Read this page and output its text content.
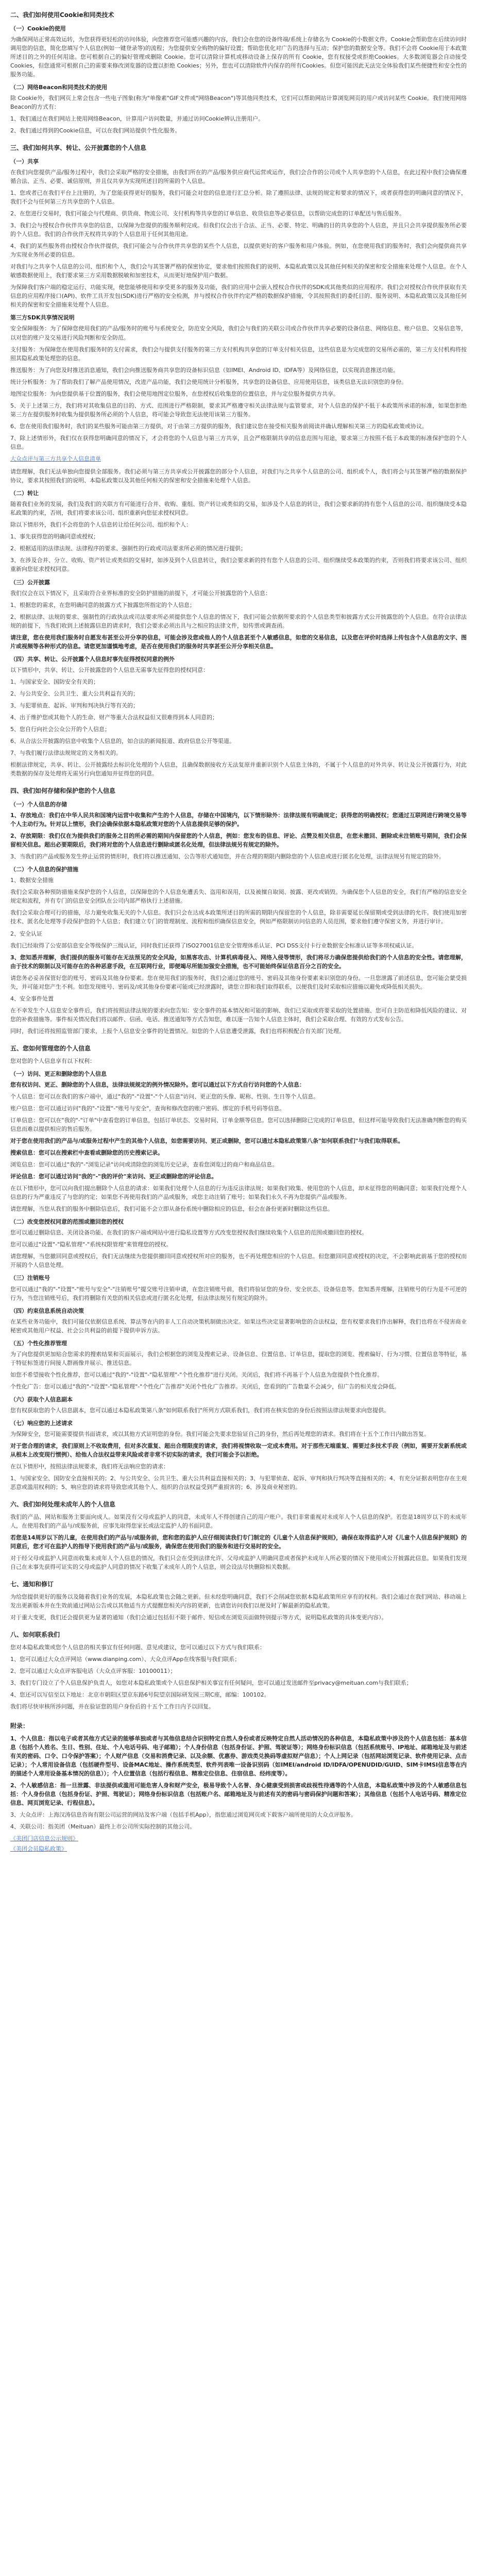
二、我们如何使用Cookie和同类技术
（一）Cookie的使用
为确保网站正常高效运转，为您获得更轻松的访问体验，向您推荐您可能感兴趣的内容，我们会在您的设备终端/系统上存储名为 Cookie的小数据文件。Cookie会帮助您在后续访问时调用您的信息，简化您填写个人信息(例如一键登录等)的流程；为您提供安全购物的偏好设置；帮助您优化对广告的选择与互动；保护您的数据安全等。我们不会将 Cookie用于本政策所述目的之外的任何用途。您可根据自己的偏好管理或删除 Cookie。您可以清除计算机或移动设备上保存的所有 Cookie，您有权接受或拒绝Cookies。大多数浏览器会自动接受Cookies，但您通常可根据自己的需要来修改浏览器的设置以拒绝 Cookies；另外，您也可以清除软件内保存的所有Cookies。但您可能因此无法完全体验我们某些便捷性和安全性的服务功能。
（二）网络Beacon和同类技术的使用
除 Cookie外，我们网页上常会包含一些电子图象(称为"单像素"GIF文件或"网络Beacon")等其他同类技术，它们可以帮助网站计算浏览网页的用户或访问某些 Cookie。我们使用网络Beacon的方式有：
1、我们通过在我们网站上使用网络Beacon，计算用户访问数量，并通过访问Cookie辨认注册用户。
2、我们通过得到的Cookie信息，可以在我们网站提供个性化服务。
三、我们如何共享、转让、公开披露您的个人信息
（一）共享
在我们向您提供产品/服务过程中，我们会采取严格的安全措施，由我们所在的产品/服务供应商代运营或运作，我们会合作的公司或个人共享您的个人信息，在此过程中我们会确保遵循合法、正当、必要、诚信原则，并且仅共享为实现所述目的所需的个人信息。
1、您或者已在我们平台上注册的，为了您能获得更好的服务，我们可能会对您的信息进行汇总分析。除了遵照法律、法规的规定和要求的情况下，或者获得您的明确同意的情况下，我们不会与任何第三方共享您的个人信息。
2、在您进行交易时，我们可能会与代理商、供货商、物流公司、支付机构等共享您的订单信息、收货信息等必要信息，以帮助完成您的订单配送与售后服务。
3、我们会与授权合作伙伴共享您的信息，以保障为您提供的服务顺利完成。但我们仅会出于合法、正当、必要、特定、明确的目的共享您的个人信息，并且只会共享提供服务所必要的个人信息。我们的合作伙伴无权将共享的个人信息用于任何其他用途。
4、我们的某些服务将由授权合作伙伴提供，我们可能会与合作伙伴共享您的某些个人信息，以提供更好的客户服务和用户体验。例如，在您使用我们的服务时，我们会向提供商共享为实现业务所必要的信息。
对我们与之共享个人信息的公司、组织和个人，我们会与其签署严格的保密协定，要求他们按照我们的说明、本隐私政策以及其他任何相关的保密和安全措施来处理个人信息。在个人敏感数据使用上，我们要求第三方采用数据脱敏和加密技术，从而更好地保护用户数据。
为保障我们客户端的稳定运行、功能实现，使您能够使用和享受更多的服务及功能，我们的应用中会嵌入授权合作伙伴的SDK或其他类似的应用程序。我们会对授权合作伙伴获取有关信息的应用程序接口(API)、软件工具开发包(SDK)进行严格的安全检测，并与授权合作伙伴约定严格的数据保护措施，令其按照我们的委托目的、服务说明、本隐私政策以及其他任何相关的保密和安全措施来处理个人信息。
第三方SDK共享情况说明
安全保障服务：为了保障您使用我们的产品/服务时的账号与系统安全，防范安全风险，我们会与我们的关联公司或合作伙伴共享必要的设备信息、网络信息、账户信息、交易信息等，以对您的账户及交易进行风险判断和安全防范。
支付服务：为保障您在使用我们服务时的支付需求，我们会与提供支付服务的第三方支付机构共享您的订单支付相关信息，这些信息是为完成您的交易所必需的，第三方支付机构将按照其隐私政策处理您的信息。
推送服务：为了向您及时推送消息通知，我们会向推送服务商共享您的设备标识信息（如IMEI、Android ID、IDFA等）及网络信息，以实现消息推送功能。
统计分析服务：为了帮助我们了解产品使用情况，改进产品功能，我们会使用统计分析服务，共享您的设备信息、应用使用信息，该类信息无法识别您的身份。
地图定位服务：为向您提供基于位置的服务，我们会使用地图定位服务，在您授权后收集您的位置信息，并与定位服务提供方共享。
5、关于上述第三方，我们将对其收集信息的目的、方式、范围进行严格限制，要求其严格遵守相关法律法规与监管要求，对个人信息的保护不低于本政策所承诺的标准，如果您拒绝第三方在提供服务时收集为提供服务所必须的个人信息，将可能会导致您无法使用该第三方服务。
6、您在使用我们服务时，我们的某些服务可能由第三方提供，对于由第三方提供的服务，我们建议您在接受相关服务前阅读并确认理解相关第三方的隐私政策或协议。
7、除上述情形外，我们仅在获得您明确同意的情况下，才会将您的个人信息与第三方共享，且会严格限制共享的信息范围与用途，要求第三方按照不低于本政策的标准保护您的个人信息。
大众点评与第三方共享个人信息清单
请您理解，我们无法单独向您提供全部服务。我们必须与第三方共享或公开披露您的部分个人信息，对我们与之共享个人信息的公司、组织或个人，我们将会与其签署严格的数据保护协议，要求其按照我们的说明、本隐私政策以及其他任何相关的保密和安全措施来处理个人信息。
（二）转让
随着我们业务的发展，我们及我们的关联方有可能进行合并、收购、重组、资产转让或类似的交易，如涉及个人信息的转让，我们会要求新的持有您个人信息的公司、组织继续受本隐私政策的约束，否则，我们将要求该公司、组织重新向您征求授权同意。
除以下情形外，我们不会将您的个人信息转让给任何公司、组织和个人：
1、事先获得您的明确同意或授权；
2、根据适用的法律法规、法律程序的要求、强制性的行政或司法要求所必须的情况进行提供；
3、在涉及合并、分立、收购、资产转让或类似的交易时，如涉及到个人信息转让，我们会要求新的持有您个人信息的公司、组织继续受本政策的约束，否则我们将要求该公司、组织重新向您征求授权同意。
（三）公开披露
我们仅会在以下情况下，且采取符合业界标准的安全防护措施的前提下，才可能公开披露您的个人信息：
1、根据您的需求，在您明确同意的披露方式下披露您所指定的个人信息；
2、根据法律、法规的要求、强制性的行政执法或司法要求所必须提供您个人信息的情况下，我们可能会依据所要求的个人信息类型和披露方式公开披露您的个人信息。在符合法律法规的前提下，当我们收到上述披露信息的请求时，我们会要求必须出具与之相应的法律文件，如传票或调查函。
请注意，您在使用我们服务时自愿发布甚至公开分享的信息，可能会涉及您或他人的个人信息甚至个人敏感信息，如您的交易信息，以及您在评价时选择上传包含个人信息的文字、图片或视频等各种形式的信息。请您更加谨慎地考虑，是否在使用我们的服务时共享甚至公开分享相关信息。
（四）共享、转让、公开披露个人信息时事先征得授权同意的例外
以下情形中，共享、转让、公开披露您的个人信息无需事先征得您的授权同意：
1、与国家安全、国防安全有关的；
2、与公共安全、公共卫生、重大公共利益有关的；
3、与犯罪侦查、起诉、审判和判决执行等有关的；
4、出于维护您或其他个人的生命、财产等重大合法权益但又很难得到本人同意的；
5、您自行向社会公众公开的个人信息；
6、从合法公开披露的信息中收集个人信息的，如合法的新闻报道、政府信息公开等渠道。
7、与我们履行法律法规规定的义务相关的。
根据法律规定，共享、转让、公开披露经去标识化处理的个人信息，且确保数据接收方无法复原并重新识别个人信息主体的，不属于个人信息的对外共享、转让及公开披露行为，对此类数据的保存及处理将无需另行向您通知并征得您的同意。
四、我们如何存储和保护您的个人信息
（一）个人信息的存储
1、存放地点：我们在中华人民共和国境内运营中收集和产生的个人信息，存储在中国境内，以下情形除外：法律法规有明确规定；获得您的明确授权；您通过互联网进行跨境交易等个人主动行为。针对以上情形，我们会确保依据本隐私政策对您的个人信息提供足够的保护。
2、存放期限：我们仅在为提供我们的服务之目的所必需的期间内保留您的个人信息，例如：您发布的信息、评论、点赞及相关信息，在您未撤回、删除或未注销账号期间，我们会保留相关信息。超出必要期限后，我们将对您的个人信息进行删除或匿名化处理，但法律法规另有规定的除外。
3、当我们的产品或服务发生停止运营的情形时，我们将以推送通知、公告等形式通知您，并在合理的期限内删除您的个人信息或进行匿名化处理，法律法规另有规定的除外。
（二）个人信息的保护措施
1、数据安全措施
我们会采取各种预防措施来保护您的个人信息，以保障您的个人信息免遭丢失、盗用和误用，以及被擅自取阅、披露、更改或销毁。为确保您个人信息的安全，我们有严格的信息安全规定和流程，并有专门的信息安全团队在公司内部严格执行上述措施。
我们会采取合理可行的措施，尽力避免收集无关的个人信息。我们只会在达成本政策所述目的所需的期限内保留您的个人信息，除非需要延长保留期或受到法律的允许。我们使用加密技术、匿名化处理等手段保护您的个人信息；我们建立专门的管理制度、流程和组织确保信息安全，例如严格限制访问信息的人员范围，要求他们遵守保密义务，并进行审计。
2、安全认证
我们已经取得了公安部信息安全等级保护三级认证，同时我们还获得了ISO27001信息安全管理体系认证、PCI DSS支付卡行业数据安全标准认证等多项权威认证。
3、您知悉并理解，我们提供的服务可能存在无法预见的安全风险，如黑客攻击、计算机病毒侵入、网络入侵等情形，我们将尽力确保您提供给我们的个人信息的安全性。请您理解，由于技术的限制以及可能存在的各种恶意手段，在互联网行业，即便竭尽所能加强安全措施，也不可能始终保证信息百分之百的安全。
请您务必妥善保管好您的账号、密码及其他身份要素。您在使用我们的服务时，我们会通过您的账号、密码及其他身份要素来识别您的身份。一旦您泄露了前述信息，您可能会蒙受损失，并可能对您产生不利。如您发现账号、密码及/或其他身份要素可能或已经泄露时，请您立即和我们取得联系，以便我们及时采取相应措施以避免或降低相关损失。
4、安全事件处置
在不幸发生个人信息安全事件后，我们将按照法律法规的要求向您告知：安全事件的基本情况和可能的影响、我们已采取或将要采取的处置措施、您可自主防范和降低风险的建议、对您的补救措施等。事件相关情况我们将以邮件、信函、电话、推送通知等方式告知您，难以逐一告知个人信息主体时，我们会采取合理、有效的方式发布公告。
同时，我们还将按照监管部门要求，上报个人信息安全事件的处置情况。如您的个人信息遭受泄露，我们也将积极配合有关部门处理。
五、您如何管理您的个人信息
您对您的个人信息享有以下权利：
（一）访问、更正和删除您的个人信息
您有权访问、更正、删除您的个人信息，法律法规规定的例外情况除外。您可以通过以下方式自行访问您的个人信息：
个人信息：您可以在我们的客户端中，通过"我的"-"设置"-"个人信息"访问、更正您的头像、昵称、性别、生日等个人信息。
账户信息：您可以通过访问"我的"-"设置"-"账号与安全"，查询和修改您的账户密码、绑定的手机号码等信息。
订单信息：您可以在"我的"-"订单"中查看您的订单信息，包括订单状态、交易时间、订单金额等信息。您可以选择删除已完成的订单信息，但这样可能导致我们无法准确判断您的购买信息而难以提供相应的售后服务。
对于您在使用我们的产品与/或服务过程中产生的其他个人信息，如您需要访问、更正或删除，您可以通过本隐私政策第八条"如何联系我们"与我们取得联系。
搜索信息：您可以在搜索栏中查看或删除您的历史搜索记录。
浏览信息：您可以通过"我的"-"浏览记录"访问或清除您的浏览历史记录，查看您浏览过的商户和商品信息。
评论信息：您可以通过访问"我的"-"我的评价"来访问、更正或删除您的评论信息。
在以下情形中，您可以向我们提出删除个人信息的请求：如果我们处理个人信息的行为违反法律法规；如果我们收集、使用您的个人信息，却未征得您的明确同意；如果我们处理个人信息的行为严重违反了与您的约定；如果您不再使用我们的产品或服务，或您主动注销了账号；如果我们永久不再为您提供产品或服务。
请您理解，当您从我们的服务中删除信息后，我们可能不会立即从备份系统中删除相应的信息，但会在备份更新时删除这些信息。
（二）改变您授权同意的范围或撤回您的授权
您可以通过删除信息、关闭设备功能、在我们的客户端或网站中进行隐私设置等方式改变您授权我们继续收集个人信息的范围或撤回您的授权。
您可以通过"设置"-"隐私管理"-"系统权限管理"来管理您的授权。
请您理解，当您撤回同意或授权后，我们无法继续为您提供撤回同意或授权所对应的服务，也不再处理您相应的个人信息。但您撤回同意或授权的决定，不会影响此前基于您的授权而开展的个人信息处理。
（三）注销账号
您可以通过"我的"-"设置"-"账号与安全"-"注销账号"提交账号注销申请，在您注销账号前，我们将验证您的身份、安全状态、设备信息等。您知悉并理解，注销账号的行为是不可逆的行为，当您注销账号后，我们将删除有关您的相关信息或进行匿名化处理，但法律法规另有规定的除外。
（四）约束信息系统自动决策
在某些业务功能中，我们可能仅依据信息系统、算法等在内的非人工自动决策机制做出决定。如果这些决定显著影响您的合法权益，您有权要求我们作出解释，我们也将在不侵害商业秘密或其他用户权益、社会公共利益的前提下提供申诉方法。
（五）个性化推荐管理
为了向您提供更加贴合您需求的搜索结果和页面展示，我们会根据您的浏览及搜索记录、设备信息、位置信息、订单信息，提取您的浏览、搜索偏好、行为习惯、位置信息等特征，基于特征标签进行间接人群画像并展示、推送信息。
如您不希望接收个性化推荐，您可以通过"我的"-"设置"-"隐私管理"-"个性化推荐"进行关闭。关闭后，我们将不再基于个人信息为您提供个性化推荐。
个性化广告：您可以通过"我的"-"设置"-"隐私管理"-"个性化广告推荐"关闭个性化广告推荐。关闭后，您看到的广告数量不会减少，但广告的相关度会降低。
（六）获取个人信息副本
您有权获取您的个人信息副本，您可以通过本隐私政策第八条"如何联系我们"所列方式联系我们，我们将在核实您的身份后按照法律法规要求向您提供。
（七）响应您的上述请求
为保障安全，您可能需要提供书面请求，或以其他方式证明您的身份。我们可能会先要求您验证自己的身份，然后再处理您的请求。我们将在十五个工作日内做出答复。
对于您合理的请求，我们原则上不收取费用，但对多次重复、超出合理限度的请求，我们将视情收取一定成本费用。对于那些无端重复、需要过多技术手段（例如，需要开发新系统或从根本上改变现行惯例）、给他人合法权益带来风险或者非常不切实际的请求，我们可能会予以拒绝。
在以下情形中，按照法律法规要求，我们将无法响应您的请求：
1、与国家安全、国防安全直接相关的；2、与公共安全、公共卫生、重大公共利益直接相关的；3、与犯罪侦查、起诉、审判和执行判决等直接相关的；4、有充分证据表明您存在主观恶意或滥用权利的；5、响应您的请求将导致您或其他个人、组织的合法权益受到严重损害的；6、涉及商业秘密的。
六、我们如何处理未成年人的个人信息
我们的产品、网站和服务主要面向成人。如果没有父母或监护人的同意，未成年人不得创建自己的用户账户。我们非常重视对未成年人个人信息的保护。若您是18周岁以下的未成年人，在使用我们的产品与/或服务前，应事先取得您家长或法定监护人的书面同意。
若您是14周岁以下的儿童，在使用我们的产品与/或服务前，您和您的监护人应仔细阅读我们专门制定的《儿童个人信息保护规则》，确保在取得监护人对《儿童个人信息保护规则》的同意后，您才可在监护人的指导下使用我们的产品与/或服务，确保您在使用我们的服务和进行交易时的安全。
对于经父母或监护人同意而收集未成年人个人信息的情况，我们只会在受到法律允许、父母或监护人明确同意或者保护未成年人所必要的情况下使用或公开披露此信息。如果我们发现自己在未事先获得可证实的父母或监护人同意的情况下收集了未成年人的个人信息，则会设法尽快删除相关数据。
七、通知和修订
为给您提供更好的服务以及随着我们业务的发展，本隐私政策也会随之更新。但未经您明确同意，我们不会削减您依据本隐私政策所应享有的权利。我们会通过在我们网站、移动端上发出更新版本并在生效前通过网站公告或以其他适当方式提醒您相关内容的更新，也请您访问我们以便及时了解最新的隐私政策。
对于重大变更，我们还会提供更为显著的通知（我们会通过包括但不限于邮件、短信或在浏览页面做特别提示等方式，说明隐私政策的具体变更内容）。
八、如何联系我们
您对本隐私政策或您个人信息的相关事宜有任何问题、意见或建议，您可以通过以下方式与我们联系：
1、您可以通过大众点评网站（www.dianping.com）、大众点评App在线客服与我们联系；
2、您可以通过大众点评客服电话（大众点评客服：10100011）；
3、我们专门设立了个人信息保护负责人，如您对本隐私政策或个人信息保护相关事宜有任何疑问，您可以通过发送邮件至privacy@meituan.com与我们联系；
4、您还可以写信至以下地址：北京市朝阳区望京东路6号院望京国际研发园三期C座，邮编：100102。
我们将尽快审核所涉问题，并在验证您的用户身份后的十五个工作日内予以回复。
附录：
1、个人信息：指以电子或者其他方式记录的能够单独或者与其他信息结合识别特定自然人身份或者反映特定自然人活动情况的各种信息，本隐私政策中涉及的个人信息包括：基本信息（包括个人姓名、生日、性别、住址、个人电话号码、电子邮箱）；个人身份信息（包括身份证、护照、驾驶证等）；网络身份标识信息（包括系统账号、IP地址、邮箱地址及与前述有关的密码、口令、口令保护答案）；个人财产信息（交易和消费记录、以及余额、优惠券、游戏类兑换码等虚拟财产信息）；个人上网记录（包括网站浏览记录、软件使用记录、点击记录）；个人常用设备信息（包括硬件型号、设备MAC地址、操作系统类型、软件列表唯一设备识别码（如IMEI/android ID/IDFA/OPENUDID/GUID、SIM卡IMSI信息等在内的描述个人常用设备基本情况的信息））；个人位置信息（包括行程信息、精准定位信息、住宿信息、经纬度等）。
2、个人敏感信息：指一旦泄露、非法提供或滥用可能危害人身和财产安全，极易导致个人名誉、身心健康受到损害或歧视性待遇等的个人信息，本隐私政策中涉及的个人敏感信息包括：个人身份信息（包括身份证、护照、驾驶证）；网络身份标识信息（包括账户名、邮箱地址及与前述有关的密码与密码保护问题和答案）；其他信息（包括个人电话号码、精准定位信息、网页浏览记录、行程信息）。
3、大众点评：上海汉涛信息咨询有限公司运营的网站及客户端（包括手机App），指您通过浏览网页或下载客户端所使用的大众点评服务。
4、关联公司：指美团（Meituan）最终上市公司所实际控制的其他公司。
《美团门店信息公示规则》
《美团会员隐私政策》
